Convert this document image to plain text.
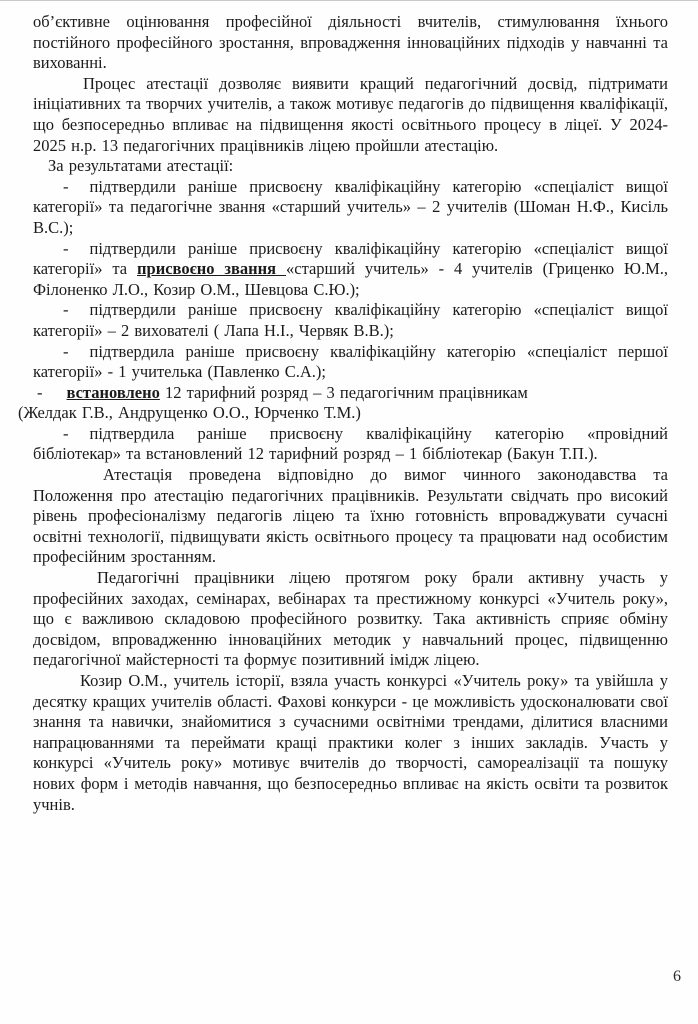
об’єктивне оцінювання професійної діяльності вчителів, стимулювання їхнього постійного професійного зростання, впровадження інноваційних підходів у навчанні та вихованні.

Процес атестації дозволяє виявити кращий педагогічний досвід, підтримати ініціативних та творчих учителів, а також мотивує педагогів до підвищення кваліфікації, що безпосередньо впливає на підвищення якості освітнього процесу в ліцеї. У 2024-2025 н.р. 13 педагогічних працівників ліцею пройшли атестацію.

За результатами атестації:

- підтвердили раніше присвоєну кваліфікаційну категорію «спеціаліст вищої категорії» та педагогічне звання «старший учитель» – 2 учителів (Шоман Н.Ф., Кисіль В.С.);

- підтвердили раніше присвоєну кваліфікаційну категорію «спеціаліст вищої категорії» та присвоєно звання «старший учитель» - 4 учителів (Гриценко Ю.М., Філоненко Л.О., Козир О.М., Шевцова С.Ю.);

- підтвердили раніше присвоєну кваліфікаційну категорію «спеціаліст вищої категорії» – 2 вихователі ( Лапа Н.І., Червяк В.В.);

- підтвердила раніше присвоєну кваліфікаційну категорію «спеціаліст першої категорії» - 1 учителька (Павленко С.А.);

- встановлено 12 тарифний розряд – 3 педагогічним працівникам

(Желдак Г.В., Андрущенко О.О., Юрченко Т.М.)

- підтвердила раніше присвоєну кваліфікаційну категорію «провідний бібліотекар» та встановлений 12 тарифний розряд – 1 бібліотекар (Бакун Т.П.).

Атестація проведена відповідно до вимог чинного законодавства та Положення про атестацію педагогічних працівників. Результати свідчать про високий рівень професіоналізму педагогів ліцею та їхню готовність впроваджувати сучасні освітні технології, підвищувати якість освітнього процесу та працювати над особистим професійним зростанням.

Педагогічні працівники ліцею протягом року брали активну участь у професійних заходах, семінарах, вебінарах та престижному конкурсі «Учитель року», що є важливою складовою професійного розвитку. Така активність сприяє обміну досвідом, впровадженню інноваційних методик у навчальний процес, підвищенню педагогічної майстерності та формує позитивний імідж ліцею.

Козир О.М., учитель історії, взяла участь конкурсі «Учитель року» та увійшла у десятку кращих учителів області. Фахові конкурси - це можливість удосконалювати свої знання та навички, знайомитися з сучасними освітніми трендами, ділитися власними напрацюваннями та переймати кращі практики колег з інших закладів. Участь у конкурсі «Учитель року» мотивує вчителів до творчості, самореалізації та пошуку нових форм і методів навчання, що безпосередньо впливає на якість освіти та розвиток учнів.

6
